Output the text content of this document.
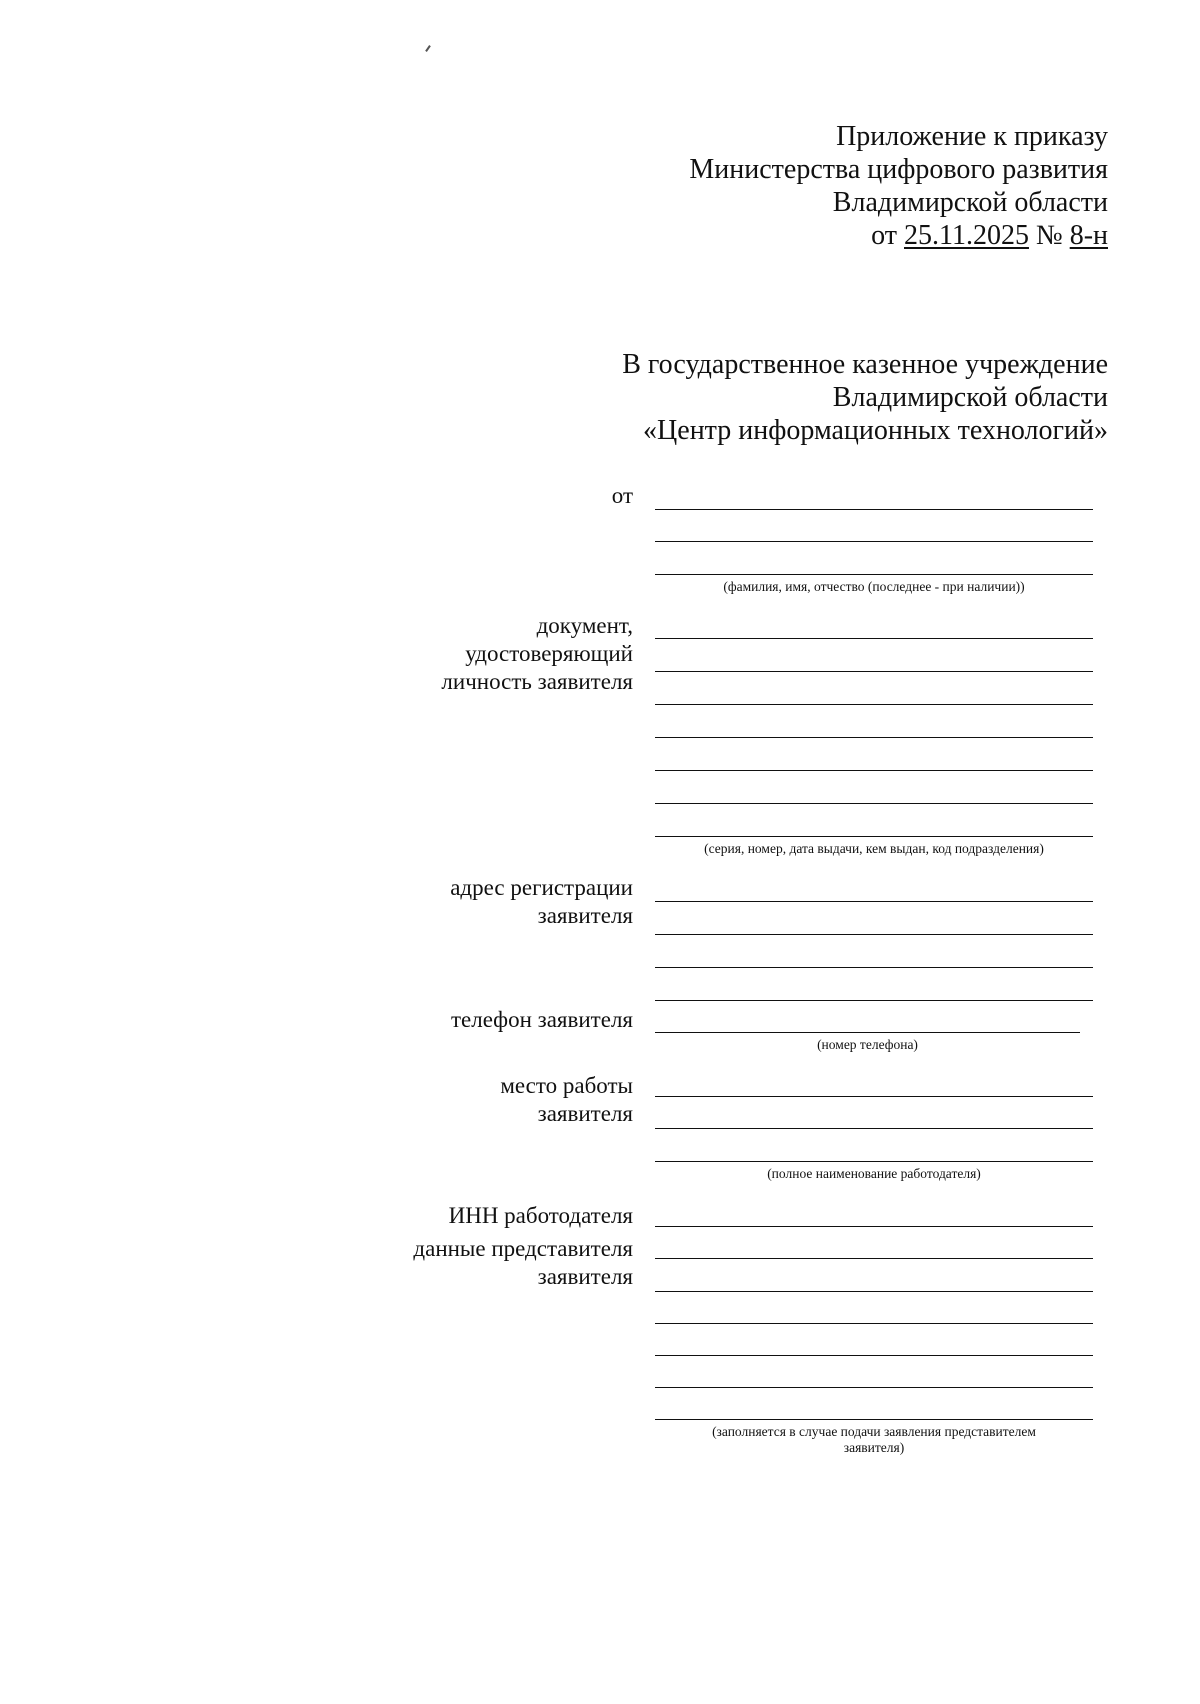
Приложение к приказу
Министерства цифрового развития
Владимирской области
от 25.11.2025 № 8-н
В государственное казенное учреждение
Владимирской области
«Центр информационных технологий»
от
(фамилия, имя, отчество (последнее - при наличии))
документ,
удостоверяющий
личность заявителя
(серия, номер, дата выдачи, кем выдан, код подразделения)
адрес регистрации
заявителя
телефон заявителя
(номер телефона)
место работы
заявителя
(полное наименование работодателя)
ИНН работодателя
данные представителя
заявителя
(заполняется в случае подачи заявления представителем заявителя)
